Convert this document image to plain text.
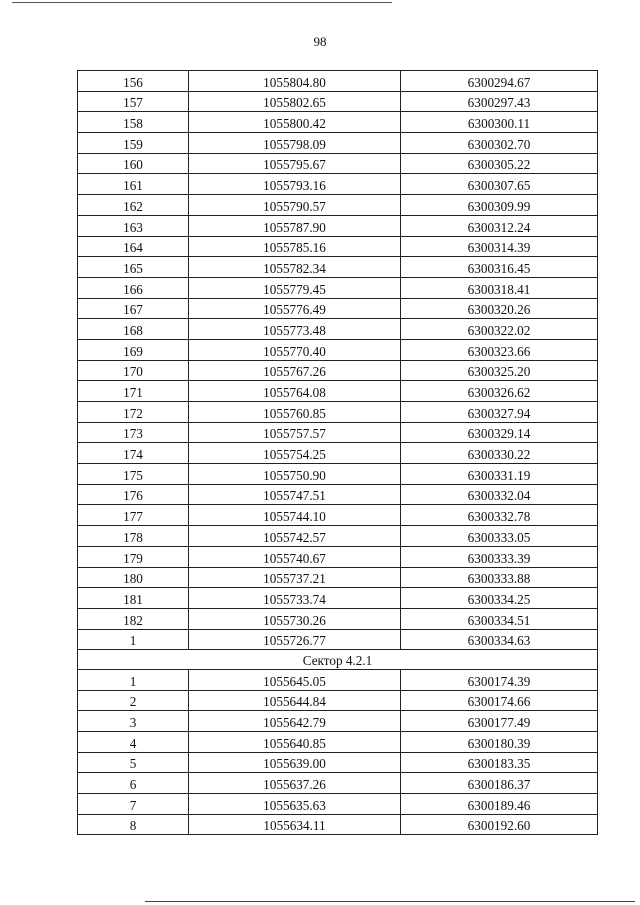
98
156	1055804.80	6300294.67
157	1055802.65	6300297.43
158	1055800.42	6300300.11
159	1055798.09	6300302.70
160	1055795.67	6300305.22
161	1055793.16	6300307.65
162	1055790.57	6300309.99
163	1055787.90	6300312.24
164	1055785.16	6300314.39
165	1055782.34	6300316.45
166	1055779.45	6300318.41
167	1055776.49	6300320.26
168	1055773.48	6300322.02
169	1055770.40	6300323.66
170	1055767.26	6300325.20
171	1055764.08	6300326.62
172	1055760.85	6300327.94
173	1055757.57	6300329.14
174	1055754.25	6300330.22
175	1055750.90	6300331.19
176	1055747.51	6300332.04
177	1055744.10	6300332.78
178	1055742.57	6300333.05
179	1055740.67	6300333.39
180	1055737.21	6300333.88
181	1055733.74	6300334.25
182	1055730.26	6300334.51
1	1055726.77	6300334.63
Сектор 4.2.1		
1	1055645.05	6300174.39
2	1055644.84	6300174.66
3	1055642.79	6300177.49
4	1055640.85	6300180.39
5	1055639.00	6300183.35
6	1055637.26	6300186.37
7	1055635.63	6300189.46
8	1055634.11	6300192.60
